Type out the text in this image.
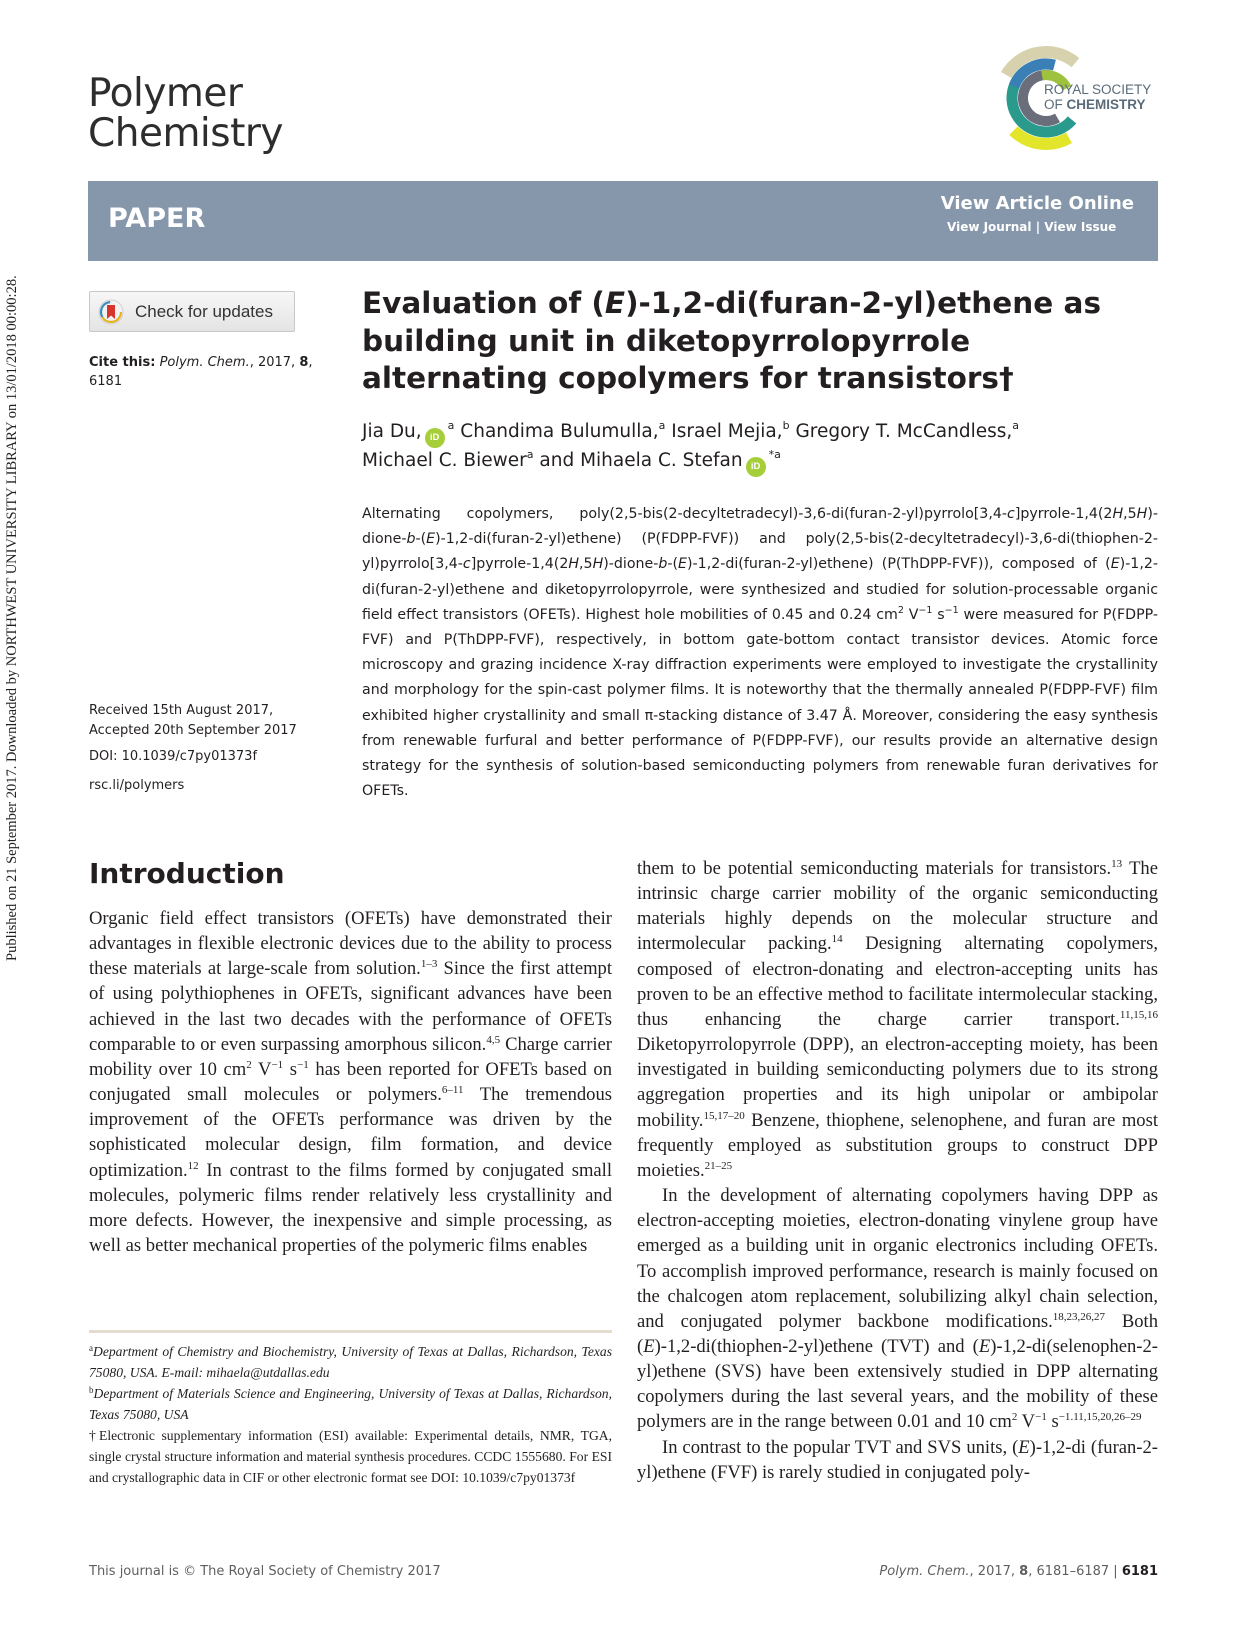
Published on 21 September 2017. Downloaded by NORTHWEST UNIVERSITY LIBRARY on 13/01/2018 00:00:28.
Polymer
Chemistry
ROYAL SOCIETY
OF CHEMISTRY
PAPER	View Article Online
View Journal | View Issue
Check for updates
Cite this: Polym. Chem., 2017, 8, 6181
Received 15th August 2017,
Accepted 20th September 2017
DOI: 10.1039/c7py01373f
rsc.li/polymers
Evaluation of (E)-1,2-di(furan-2-yl)ethene as building unit in diketopyrrolopyrrole alternating copolymers for transistors†
Jia Du, $iD^a$ Chandima Bulumulla,$^a$ Israel Mejia,$^b$ Gregory T. McCandless,$^a$
Michael C. Biewer$^a$ and Mihaela C. Stefan $iD^{*a}$
Alternating copolymers, poly(2,5-bis(2-decyltetradecyl)-3,6-di(furan-2-yl)pyrrolo[3,4-c]pyrrole-1,4(2H,5H)-dione-b-(E)-1,2-di(furan-2-yl)ethene) (P(FDPP-FVF)) and poly(2,5-bis(2-decyltetradecyl)-3,6-di(thiophen-2-yl)pyrrolo[3,4-c]pyrrole-1,4(2H,5H)-dione-b-(E)-1,2-di(furan-2-yl)ethene) (P(ThDPP-FVF)), composed of (E)-1,2-di(furan-2-yl)ethene and diketopyrrolopyrrole, were synthesized and studied for solution-processable organic field effect transistors (OFETs). Highest hole mobilities of 0.45 and 0.24 $cm^2$ $V^{-1}$ $s^{-1}$ were measured for P(FDPP-FVF) and P(ThDPP-FVF), respectively, in bottom gate-bottom contact transistor devices. Atomic force microscopy and grazing incidence X-ray diffraction experiments were employed to investigate the crystallinity and morphology for the spin-cast polymer films. It is noteworthy that the thermally annealed P(FDPP-FVF) film exhibited higher crystallinity and small π-stacking distance of 3.47 Å. Moreover, considering the easy synthesis from renewable furfural and better performance of P(FDPP-FVF), our results provide an alternative design strategy for the synthesis of solution-based semiconducting polymers from renewable furan derivatives for OFETs.
Introduction

Organic field effect transistors (OFETs) have demonstrated their advantages in flexible electronic devices due to the ability to process these materials at large-scale from solution.$^{1-3}$ Since the first attempt of using polythiophenes in OFETs, significant advances have been achieved in the last two decades with the performance of OFETs comparable to or even surpassing amorphous silicon.$^{4,5}$ Charge carrier mobility over 10 $cm^2$ $V^{-1}$ $s^{-1}$ has been reported for OFETs based on conjugated small molecules or polymers.$^{6-11}$ The tremendous improvement of the OFETs performance was driven by the sophisticated molecular design, film formation, and device optimization.$^{12}$ In contrast to the films formed by conjugated small molecules, polymeric films render relatively less crystallinity and more defects. However, the inexpensive and simple processing, as well as better mechanical properties of the polymeric films enables

them to be potential semiconducting materials for transistors.$^{13}$ The intrinsic charge carrier mobility of the organic semiconducting materials highly depends on the molecular structure and intermolecular packing.$^{14}$ Designing alternating copolymers, composed of electron-donating and electron-accepting units has proven to be an effective method to facilitate intermolecular stacking, thus enhancing the charge carrier transport.$^{11,15,16}$ Diketopyrrolopyrrole (DPP), an electron-accepting moiety, has been investigated in building semiconducting polymers due to its strong aggregation properties and its high unipolar or ambipolar mobility.$^{15,17-20}$ Benzene, thiophene, selenophene, and furan are most frequently employed as substitution groups to construct DPP moieties.$^{21-25}$

In the development of alternating copolymers having DPP as electron-accepting moieties, electron-donating vinylene group have emerged as a building unit in organic electronics including OFETs. To accomplish improved performance, research is mainly focused on the chalcogen atom replacement, solubilizing alkyl chain selection, and conjugated polymer backbone modifications.$^{18,23,26,27}$ Both (E)-1,2-di(thiophen-2-yl)ethene (TVT) and (E)-1,2-di(selenophen-2-yl)ethene (SVS) have been extensively studied in DPP alternating copolymers during the last several years, and the mobility of these polymers are in the range between 0.01 and 10 $cm^2$ $V^{-1}$ $s^{-1.11,15,20,26-29}$

In contrast to the popular TVT and SVS units, (E)-1,2-di (furan-2-yl)ethene (FVF) is rarely studied in conjugated poly-

$^a$Department of Chemistry and Biochemistry, University of Texas at Dallas, Richardson, Texas 75080, USA. E-mail: mihaela@utdallas.edu
$^b$Department of Materials Science and Engineering, University of Texas at Dallas, Richardson, Texas 75080, USA
†Electronic supplementary information (ESI) available: Experimental details, NMR, TGA, single crystal structure information and material synthesis procedures. CCDC 1555680. For ESI and crystallographic data in CIF or other electronic format see DOI: 10.1039/c7py01373f
This journal is © The Royal Society of Chemistry 2017	Polym. Chem., 2017, 8, 6181–6187 | 6181
